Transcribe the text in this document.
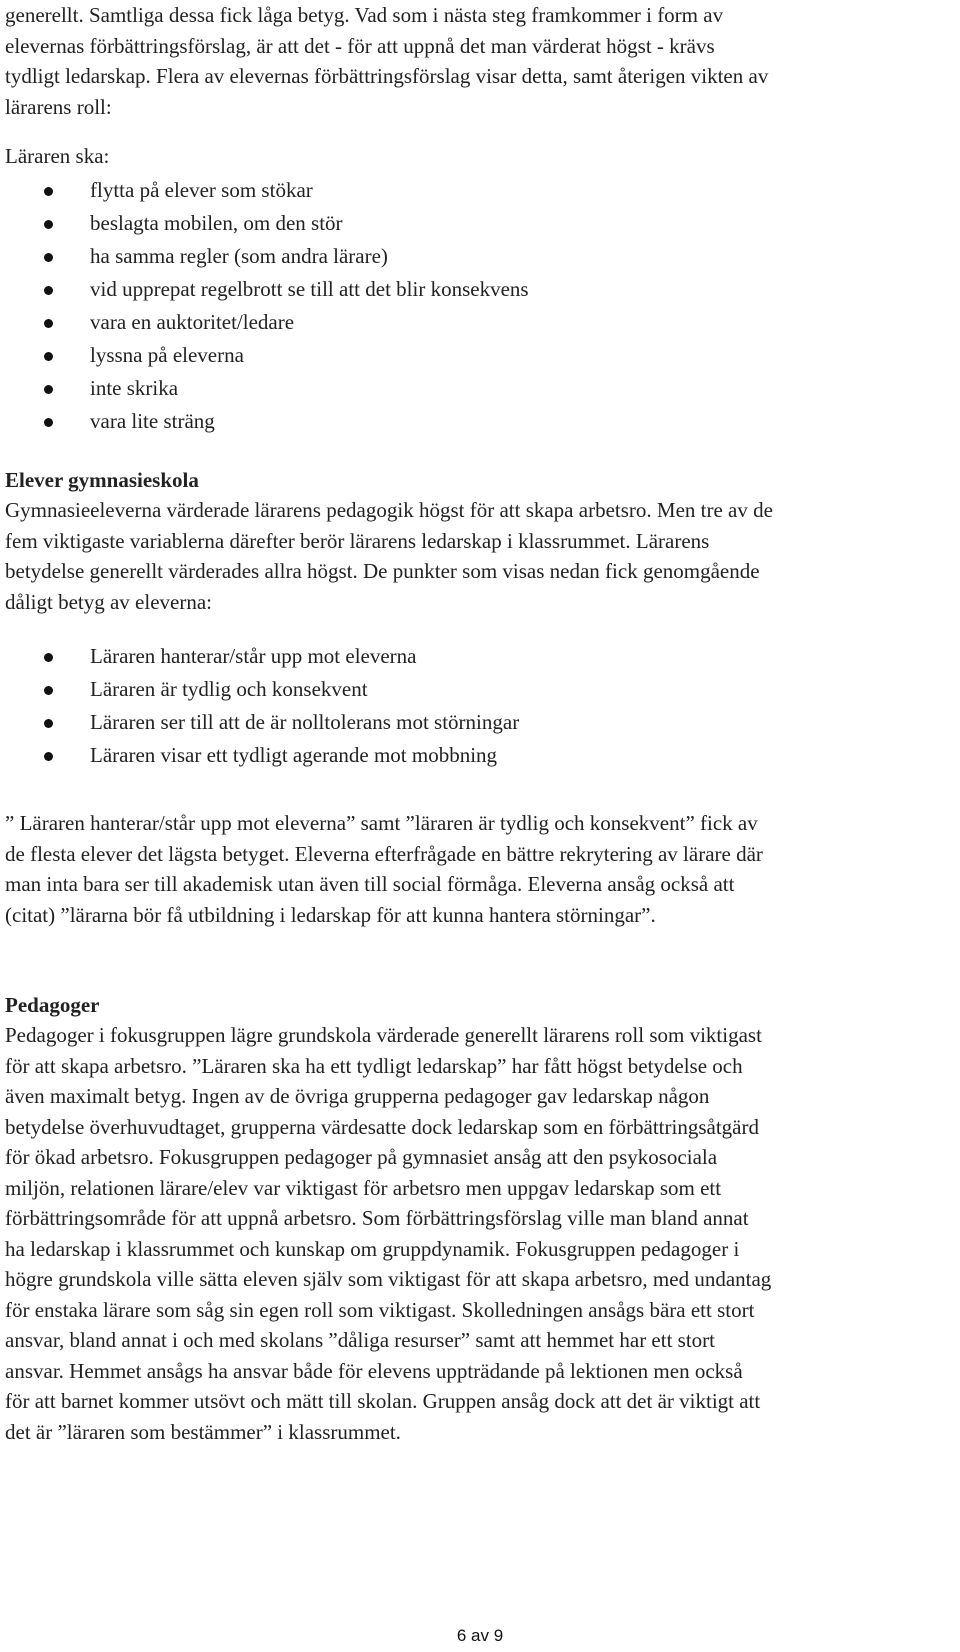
generellt. Samtliga dessa fick låga betyg. Vad som i nästa steg framkommer i form av
elevernas förbättringsförslag, är att det - för att uppnå det man värderat högst - krävs
tydligt ledarskap. Flera av elevernas förbättringsförslag visar detta, samt återigen vikten av
lärarens roll:

Läraren ska:

flytta på elever som stökar
beslagta mobilen, om den stör
ha samma regler (som andra lärare)
vid upprepat regelbrott se till att det blir konsekvens
vara en auktoritet/ledare
lyssna på eleverna
inte skrika
vara lite sträng
Elever gymnasieskola

Gymnasieeleverna värderade lärarens pedagogik högst för att skapa arbetsro. Men tre av de
fem viktigaste variablerna därefter berör lärarens ledarskap i klassrummet. Lärarens
betydelse generellt värderades allra högst. De punkter som visas nedan fick genomgående
dåligt betyg av eleverna:

Läraren hanterar/står upp mot eleverna
Läraren är tydlig och konsekvent
Läraren ser till att de är nolltolerans mot störningar
Läraren visar ett tydligt agerande mot mobbning

” Läraren hanterar/står upp mot eleverna” samt ”läraren är tydlig och konsekvent” fick av
de flesta elever det lägsta betyget. Eleverna efterfrågade en bättre rekrytering av lärare där
man inta bara ser till akademisk utan även till social förmåga. Eleverna ansåg också att
(citat) ”lärarna bör få utbildning i ledarskap för att kunna hantera störningar”.

Pedagoger

Pedagoger i fokusgruppen lägre grundskola värderade generellt lärarens roll som viktigast
för att skapa arbetsro. ”Läraren ska ha ett tydligt ledarskap” har fått högst betydelse och
även maximalt betyg. Ingen av de övriga grupperna pedagoger gav ledarskap någon
betydelse överhuvudtaget, grupperna värdesatte dock ledarskap som en förbättringsåtgärd
för ökad arbetsro. Fokusgruppen pedagoger på gymnasiet ansåg att den psykosociala
miljön, relationen lärare/elev var viktigast för arbetsro men uppgav ledarskap som ett
förbättringsområde för att uppnå arbetsro. Som förbättringsförslag ville man bland annat
ha ledarskap i klassrummet och kunskap om gruppdynamik. Fokusgruppen pedagoger i
högre grundskola ville sätta eleven själv som viktigast för att skapa arbetsro, med undantag
för enstaka lärare som såg sin egen roll som viktigast. Skolledningen ansågs bära ett stort
ansvar, bland annat i och med skolans ”dåliga resurser” samt att hemmet har ett stort
ansvar. Hemmet ansågs ha ansvar både för elevens uppträdande på lektionen men också
för att barnet kommer utsövt och mätt till skolan. Gruppen ansåg dock att det är viktigt att
det är ”läraren som bestämmer” i klassrummet.

6 av 9
